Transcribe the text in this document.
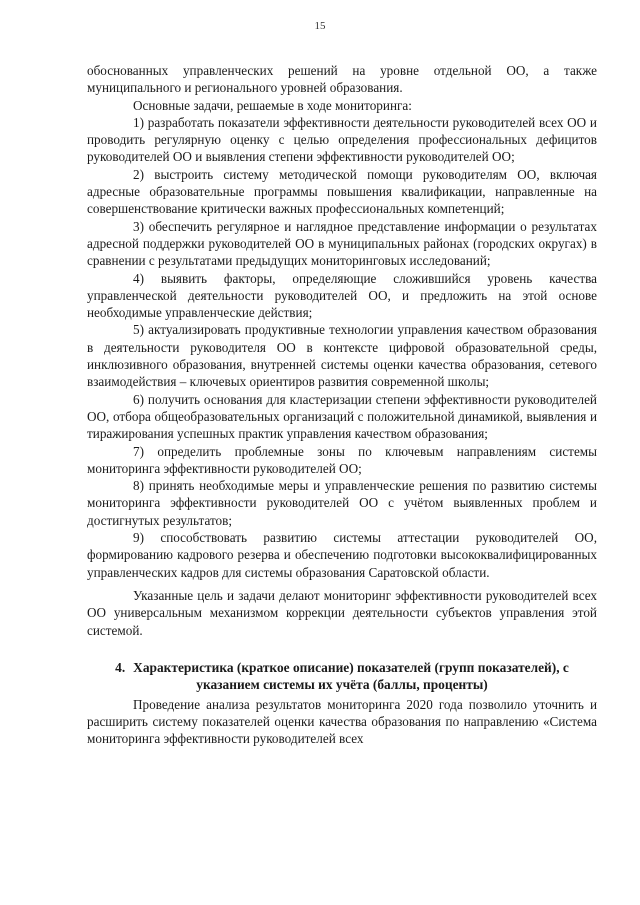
15

обоснованных управленческих решений на уровне отдельной ОО, а также муниципального и регионального уровней образования.

Основные задачи, решаемые в ходе мониторинга:

1) разработать показатели эффективности деятельности руководителей всех ОО и проводить регулярную оценку с целью определения профессиональных дефицитов руководителей ОО и выявления степени эффективности руководителей ОО;

2) выстроить систему методической помощи руководителям ОО, включая адресные образовательные программы повышения квалификации, направленные на совершенствование критически важных профессиональных компетенций;

3) обеспечить регулярное и наглядное представление информации о результатах адресной поддержки руководителей ОО в муниципальных районах (городских округах) в сравнении с результатами предыдущих мониторинговых исследований;

4) выявить факторы, определяющие сложившийся уровень качества управленческой деятельности руководителей ОО, и предложить на этой основе необходимые управленческие действия;

5) актуализировать продуктивные технологии управления качеством образования в деятельности руководителя ОО в контексте цифровой образовательной среды, инклюзивного образования, внутренней системы оценки качества образования, сетевого взаимодействия – ключевых ориентиров развития современной школы;

6) получить основания для кластеризации степени эффективности руководителей ОО, отбора общеобразовательных организаций с положительной динамикой, выявления и тиражирования успешных практик управления качеством образования;

7) определить проблемные зоны по ключевым направлениям системы мониторинга эффективности руководителей ОО;

8) принять необходимые меры и управленческие решения по развитию системы мониторинга эффективности руководителей ОО с учётом выявленных проблем и достигнутых результатов;

9) способствовать развитию системы аттестации руководителей ОО, формированию кадрового резерва и обеспечению подготовки высококвалифицированных управленческих кадров для системы образования Саратовской области.

Указанные цель и задачи делают мониторинг эффективности руководителей всех ОО универсальным механизмом коррекции деятельности субъектов управления этой системой.

4. Характеристика (краткое описание) показателей (групп показателей), с указанием системы их учёта (баллы, проценты)

Проведение анализа результатов мониторинга 2020 года позволило уточнить и расширить систему показателей оценки качества образования по направлению «Система мониторинга эффективности руководителей всех
